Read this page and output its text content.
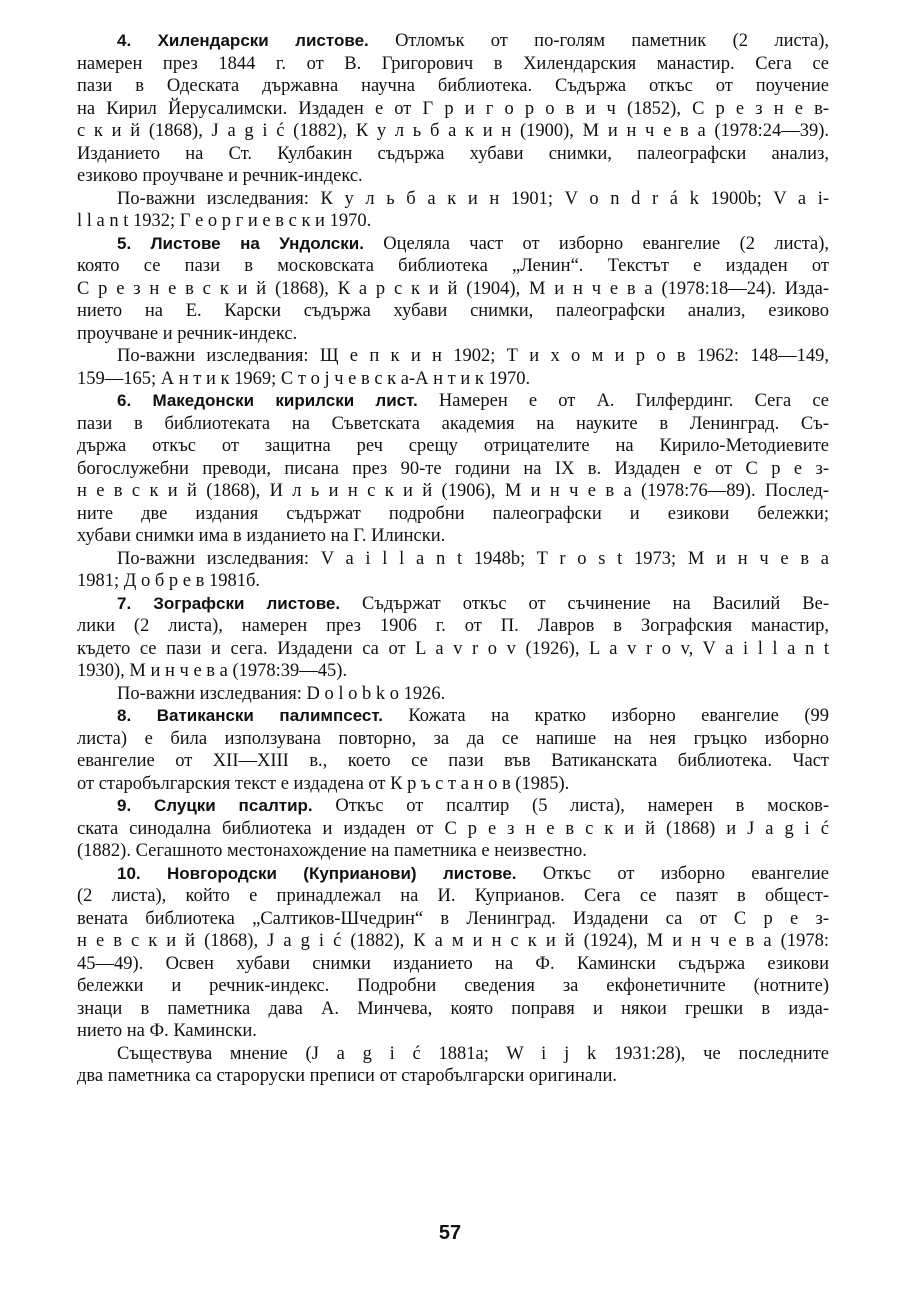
4. Хилендарски листове. Отломък от по-голям паметник (2 листа),
намерен през 1844 г. от В. Григорович в Хилендарския манастир. Сега се
пази в Одеската държавна научна библиотека. Съдържа откъс от поучение
на Кирил Йерусалимски. Издаден е от Г р и г о р о в и ч (1852), С р е з н е в-
с к и й (1868), J a g i ć (1882), К у л ь б а к и н (1900), М и н ч е в а (1978:24—39).
Изданието на Ст. Кулбакин съдържа хубави снимки, палеографски анализ,
езиково проучване и речник-индекс.
По-важни изследвания: К у л ь б а к и н 1901; V o n d r á k 1900b; V a i-
l l a n t 1932; Г е о р г и е в с к и 1970.
5. Листове на Ундолски. Оцеляла част от изборно евангелие (2 листа),
която се пази в московската библиотека „Ленин“. Текстът е издаден от
С р е з н е в с к и й (1868), К а р с к и й (1904), М и н ч е в а (1978:18—24). Изда-
нието на Е. Карски съдържа хубави снимки, палеографски анализ, езиково
проучване и речник-индекс.
По-важни изследвания: Щ е п к и н 1902; Т и х о м и р о в 1962: 148—149,
159—165; А н т и к 1969; С т о j ч е в с к а-А н т и к 1970.
6. Македонски кирилски лист. Намерен е от А. Гилфердинг. Сега се
пази в библиотеката на Съветската академия на науките в Ленинград. Съ-
държа откъс от защитна реч срещу отрицателите на Кирило-Методиевите
богослужебни преводи, писана през 90-те години на IX в. Издаден е от С р е з-
н е в с к и й (1868), И л ь и н с к и й (1906), М и н ч е в а (1978:76—89). Послед-
ните две издания съдържат подробни палеографски и езикови бележки;
хубави снимки има в изданието на Г. Илински.
По-важни изследвания: V a i l l a n t 1948b; T r o s t 1973; М и н ч е в а
1981; Д о б р е в 1981б.
7. Зографски листове. Съдържат откъс от съчинение на Василий Ве-
лики (2 листа), намерен през 1906 г. от П. Лавров в Зографския манастир,
където се пази и сега. Издадени са от L a v r o v (1926), L a v r o v, V a i l l a n t
1930), М и н ч е в а (1978:39—45).
По-важни изследвания: D o l o b k o 1926.
8. Ватикански палимпсест. Кожата на кратко изборно евангелие (99
листа) е била използувана повторно, за да се напише на нея гръцко изборно
евангелие от XII—XIII в., което се пази във Ватиканската библиотека. Част
от старобългарския текст е издадена от К р ъ с т а н о в (1985).
9. Слуцки псалтир. Откъс от псалтир (5 листа), намерен в москов-
ската синодална библиотека и издаден от С р е з н е в с к и й (1868) и J a g i ć
(1882). Сегашното местонахождение на паметника е неизвестно.
10. Новгородски (Куприанови) листове. Откъс от изборно евангелие
(2 листа), който е принадлежал на И. Куприанов. Сега се пазят в общест-
вената библиотека „Салтиков-Шчедрин“ в Ленинград. Издадени са от С р е з-
н е в с к и й (1868), J a g i ć (1882), К а м и н с к и й (1924), М и н ч е в а (1978:
45—49). Освен хубави снимки изданието на Ф. Камински съдържа езикови
бележки и речник-индекс. Подробни сведения за екфонетичните (нотните)
знаци в паметника дава А. Минчева, която поправя и някои грешки в изда-
нието на Ф. Камински.
Съществува мнение (J a g i ć 1881a; W i j k 1931:28), че последните
два паметника са староруски преписи от старобългарски оригинали.
57
